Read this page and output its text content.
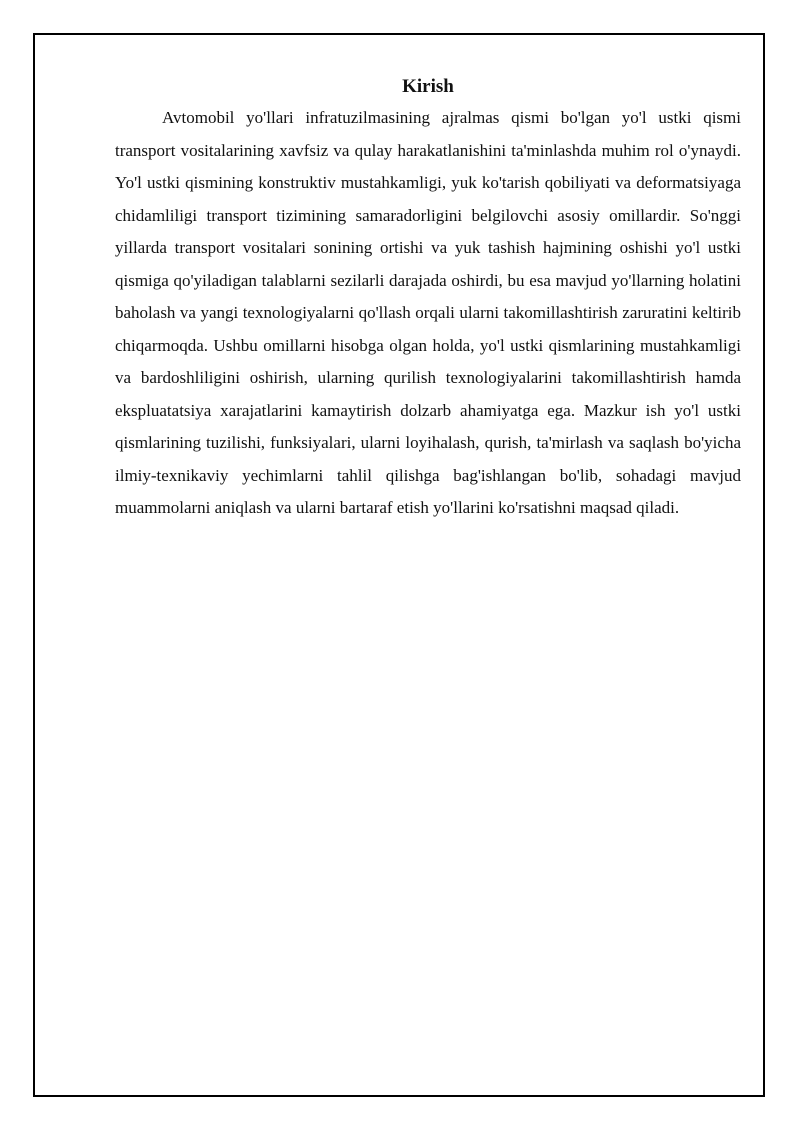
Kirish

Avtomobil yo'llari infratuzilmasining ajralmas qismi bo'lgan yo'l ustki qismi transport vositalarining xavfsiz va qulay harakatlanishini ta'minlashda muhim rol o'ynaydi. Yo'l ustki qismining konstruktiv mustahkamligi, yuk ko'tarish qobiliyati va deformatsiyaga chidamliligi transport tizimining samaradorligini belgilovchi asosiy omillardir. So'nggi yillarda transport vositalari sonining ortishi va yuk tashish hajmining oshishi yo'l ustki qismiga qo'yiladigan talablarni sezilarli darajada oshirdi, bu esa mavjud yo'llarning holatini baholash va yangi texnologiyalarni qo'llash orqali ularni takomillashtirish zaruratini keltirib chiqarmoqda. Ushbu omillarni hisobga olgan holda, yo'l ustki qismlarining mustahkamligi va bardoshliligini oshirish, ularning qurilish texnologiyalarini takomillashtirish hamda ekspluatatsiya xarajatlarini kamaytirish dolzarb ahamiyatga ega. Mazkur ish yo'l ustki qismlarining tuzilishi, funksiyalari, ularni loyihalash, qurish, ta'mirlash va saqlash bo'yicha ilmiy-texnikaviy yechimlarni tahlil qilishga bag'ishlangan bo'lib, sohadagi mavjud muammolarni aniqlash va ularni bartaraf etish yo'llarini ko'rsatishni maqsad qiladi.
